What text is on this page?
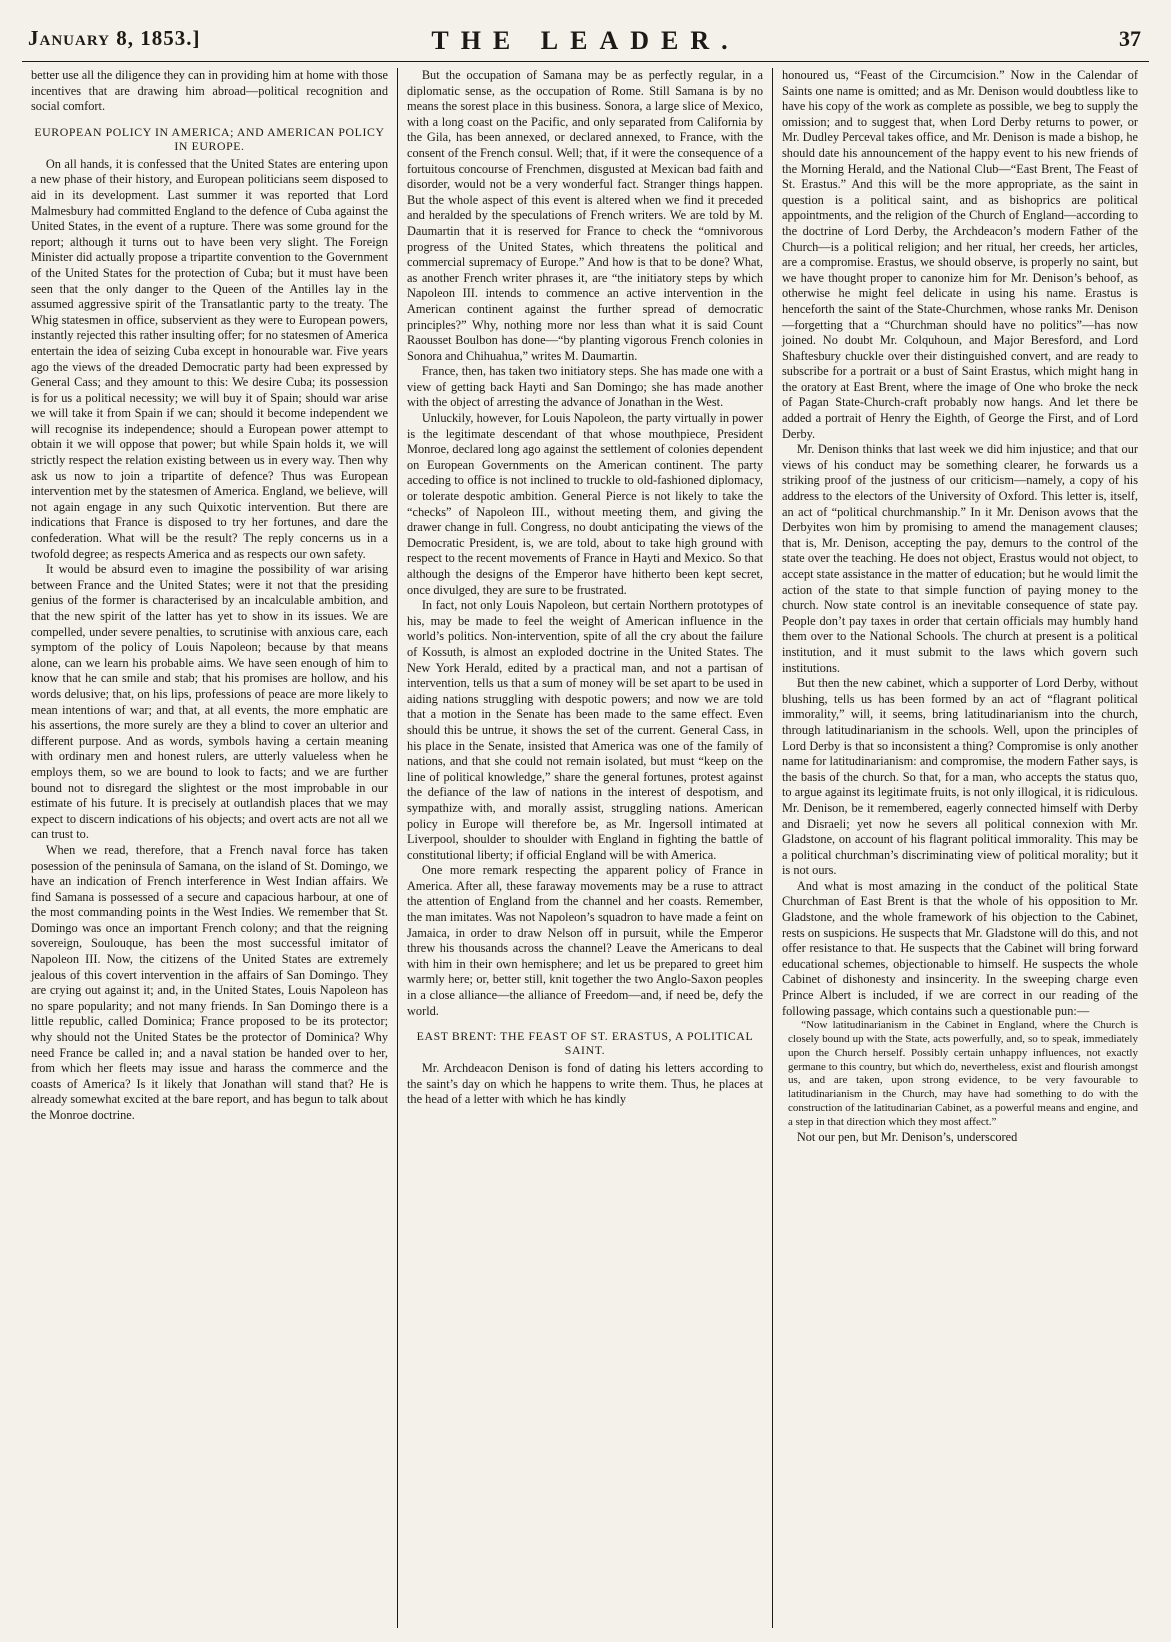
January 8, 1853.]	THE LEADER.	37

better use all the diligence they can in providing him at home with those incentives that are drawing him abroad—political recognition and social comfort.

EUROPEAN POLICY IN AMERICA; AND AMERICAN POLICY IN EUROPE.

On all hands, it is confessed that the United States are entering upon a new phase of their history, and European politicians seem disposed to aid in its development. Last summer it was reported that Lord Malmesbury had committed England to the defence of Cuba against the United States, in the event of a rupture. There was some ground for the report; although it turns out to have been very slight. The Foreign Minister did actually propose a tripartite convention to the Government of the United States for the protection of Cuba; but it must have been seen that the only danger to the Queen of the Antilles lay in the assumed aggressive spirit of the Transatlantic party to the treaty. The Whig statesmen in office, subservient as they were to European powers, instantly rejected this rather insulting offer; for no statesmen of America entertain the idea of seizing Cuba except in honourable war. Five years ago the views of the dreaded Democratic party had been expressed by General Cass; and they amount to this: We desire Cuba; its possession is for us a political necessity; we will buy it of Spain; should war arise we will take it from Spain if we can; should it become independent we will recognise its independence; should a European power attempt to obtain it we will oppose that power; but while Spain holds it, we will strictly respect the relation existing between us in every way. Then why ask us now to join a tripartite of defence? Thus was European intervention met by the statesmen of America. England, we believe, will not again engage in any such Quixotic intervention. But there are indications that France is disposed to try her fortunes, and dare the confederation. What will be the result? The reply concerns us in a twofold degree; as respects America and as respects our own safety.

It would be absurd even to imagine the possibility of war arising between France and the United States; were it not that the presiding genius of the former is characterised by an incalculable ambition, and that the new spirit of the latter has yet to show in its issues. We are compelled, under severe penalties, to scrutinise with anxious care, each symptom of the policy of Louis Napoleon; because by that means alone, can we learn his probable aims. We have seen enough of him to know that he can smile and stab; that his promises are hollow, and his words delusive; that, on his lips, professions of peace are more likely to mean intentions of war; and that, at all events, the more emphatic are his assertions, the more surely are they a blind to cover an ulterior and different purpose. And as words, symbols having a certain meaning with ordinary men and honest rulers, are utterly valueless when he employs them, so we are bound to look to facts; and we are further bound not to disregard the slightest or the most improbable in our estimate of his future. It is precisely at outlandish places that we may expect to discern indications of his objects; and overt acts are not all we can trust to.

When we read, therefore, that a French naval force has taken posession of the peninsula of Samana, on the island of St. Domingo, we have an indication of French interference in West Indian affairs. We find Samana is possessed of a secure and capacious harbour, at one of the most commanding points in the West Indies. We remember that St. Domingo was once an important French colony; and that the reigning sovereign, Soulouque, has been the most successful imitator of Napoleon III. Now, the citizens of the United States are extremely jealous of this covert intervention in the affairs of San Domingo. They are crying out against it; and, in the United States, Louis Napoleon has no spare popularity; and not many friends. In San Domingo there is a little republic, called Dominica; France proposed to be its protector; why should not the United States be the protector of Dominica? Why need France be called in; and a naval station be handed over to her, from which her fleets may issue and harass the commerce and the coasts of America? Is it likely that Jonathan will stand that? He is already somewhat excited at the bare report, and has begun to talk about the Monroe doctrine.

But the occupation of Samana may be as perfectly regular, in a diplomatic sense, as the occupation of Rome. Still Samana is by no means the sorest place in this business. Sonora, a large slice of Mexico, with a long coast on the Pacific, and only separated from California by the Gila, has been annexed, or declared annexed, to France, with the consent of the French consul. Well; that, if it were the consequence of a fortuitous concourse of Frenchmen, disgusted at Mexican bad faith and disorder, would not be a very wonderful fact. Stranger things happen. But the whole aspect of this event is altered when we find it preceded and heralded by the speculations of French writers. We are told by M. Daumartin that it is reserved for France to check the “omnivorous progress of the United States, which threatens the political and commercial supremacy of Europe.” And how is that to be done? What, as another French writer phrases it, are “the initiatory steps by which Napoleon III. intends to commence an active intervention in the American continent against the further spread of democratic principles?” Why, nothing more nor less than what it is said Count Raousset Boulbon has done—“by planting vigorous French colonies in Sonora and Chihuahua,” writes M. Daumartin.

France, then, has taken two initiatory steps. She has made one with a view of getting back Hayti and San Domingo; she has made another with the object of arresting the advance of Jonathan in the West.

Unluckily, however, for Louis Napoleon, the party virtually in power is the legitimate descendant of that whose mouthpiece, President Monroe, declared long ago against the settlement of colonies dependent on European Governments on the American continent. The party acceding to office is not inclined to truckle to old-fashioned diplomacy, or tolerate despotic ambition. General Pierce is not likely to take the “checks” of Napoleon III., without meeting them, and giving the drawer change in full. Congress, no doubt anticipating the views of the Democratic President, is, we are told, about to take high ground with respect to the recent movements of France in Hayti and Mexico. So that although the designs of the Emperor have hitherto been kept secret, once divulged, they are sure to be frustrated.

In fact, not only Louis Napoleon, but certain Northern prototypes of his, may be made to feel the weight of American influence in the world’s politics. Non-intervention, spite of all the cry about the failure of Kossuth, is almost an exploded doctrine in the United States. The New York Herald, edited by a practical man, and not a partisan of intervention, tells us that a sum of money will be set apart to be used in aiding nations struggling with despotic powers; and now we are told that a motion in the Senate has been made to the same effect. Even should this be untrue, it shows the set of the current. General Cass, in his place in the Senate, insisted that America was one of the family of nations, and that she could not remain isolated, but must “keep on the line of political knowledge,” share the general fortunes, protest against the defiance of the law of nations in the interest of despotism, and sympathize with, and morally assist, struggling nations. American policy in Europe will therefore be, as Mr. Ingersoll intimated at Liverpool, shoulder to shoulder with England in fighting the battle of constitutional liberty; if official England will be with America.

One more remark respecting the apparent policy of France in America. After all, these faraway movements may be a ruse to attract the attention of England from the channel and her coasts. Remember, the man imitates. Was not Napoleon’s squadron to have made a feint on Jamaica, in order to draw Nelson off in pursuit, while the Emperor threw his thousands across the channel? Leave the Americans to deal with him in their own hemisphere; and let us be prepared to greet him warmly here; or, better still, knit together the two Anglo-Saxon peoples in a close alliance—the alliance of Freedom—and, if need be, defy the world.

EAST BRENT: THE FEAST OF ST. ERASTUS, A POLITICAL SAINT.

Mr. Archdeacon Denison is fond of dating his letters according to the saint’s day on which he happens to write them. Thus, he places at the head of a letter with which he has kindly

honoured us, “Feast of the Circumcision.” Now in the Calendar of Saints one name is omitted; and as Mr. Denison would doubtless like to have his copy of the work as complete as possible, we beg to supply the omission; and to suggest that, when Lord Derby returns to power, or Mr. Dudley Perceval takes office, and Mr. Denison is made a bishop, he should date his announcement of the happy event to his new friends of the Morning Herald, and the National Club—“East Brent, The Feast of St. Erastus.” And this will be the more appropriate, as the saint in question is a political saint, and as bishoprics are political appointments, and the religion of the Church of England—according to the doctrine of Lord Derby, the Archdeacon’s modern Father of the Church—is a political religion; and her ritual, her creeds, her articles, are a compromise. Erastus, we should observe, is properly no saint, but we have thought proper to canonize him for Mr. Denison’s behoof, as otherwise he might feel delicate in using his name. Erastus is henceforth the saint of the State-Churchmen, whose ranks Mr. Denison—forgetting that a “Churchman should have no politics”—has now joined. No doubt Mr. Colquhoun, and Major Beresford, and Lord Shaftesbury chuckle over their distinguished convert, and are ready to subscribe for a portrait or a bust of Saint Erastus, which might hang in the oratory at East Brent, where the image of One who broke the neck of Pagan State-Church-craft probably now hangs. And let there be added a portrait of Henry the Eighth, of George the First, and of Lord Derby.

Mr. Denison thinks that last week we did him injustice; and that our views of his conduct may be something clearer, he forwards us a striking proof of the justness of our criticism—namely, a copy of his address to the electors of the University of Oxford. This letter is, itself, an act of “political churchmanship.” In it Mr. Denison avows that the Derbyites won him by promising to amend the management clauses; that is, Mr. Denison, accepting the pay, demurs to the control of the state over the teaching. He does not object, Erastus would not object, to accept state assistance in the matter of education; but he would limit the action of the state to that simple function of paying money to the church. Now state control is an inevitable consequence of state pay. People don’t pay taxes in order that certain officials may humbly hand them over to the National Schools. The church at present is a political institution, and it must submit to the laws which govern such institutions.

But then the new cabinet, which a supporter of Lord Derby, without blushing, tells us has been formed by an act of “flagrant political immorality,” will, it seems, bring latitudinarianism into the church, through latitudinarianism in the schools. Well, upon the principles of Lord Derby is that so inconsistent a thing? Compromise is only another name for latitudinarianism: and compromise, the modern Father says, is the basis of the church. So that, for a man, who accepts the status quo, to argue against its legitimate fruits, is not only illogical, it is ridiculous. Mr. Denison, be it remembered, eagerly connected himself with Derby and Disraeli; yet now he severs all political connexion with Mr. Gladstone, on account of his flagrant political immorality. This may be a political churchman’s discriminating view of political morality; but it is not ours.

And what is most amazing in the conduct of the political State Churchman of East Brent is that the whole of his opposition to Mr. Gladstone, and the whole framework of his objection to the Cabinet, rests on suspicions. He suspects that Mr. Gladstone will do this, and not offer resistance to that. He suspects that the Cabinet will bring forward educational schemes, objectionable to himself. He suspects the whole Cabinet of dishonesty and insincerity. In the sweeping charge even Prince Albert is included, if we are correct in our reading of the following passage, which contains such a questionable pun:—

“Now latitudinarianism in the Cabinet in England, where the Church is closely bound up with the State, acts powerfully, and, so to speak, immediately upon the Church herself. Possibly certain unhappy influences, not exactly germane to this country, but which do, nevertheless, exist and flourish amongst us, and are taken, upon strong evidence, to be very favourable to latitudinarianism in the Church, may have had something to do with the construction of the latitudinarian Cabinet, as a powerful means and engine, and a step in that direction which they most affect.”

Not our pen, but Mr. Denison’s, underscored
